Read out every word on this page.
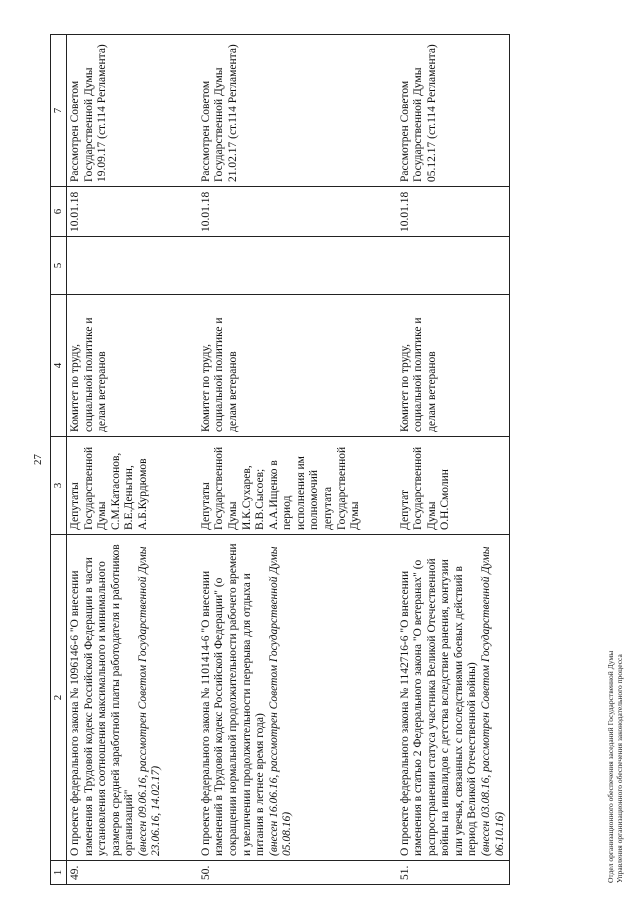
27
1	2	3	4	5	6	7
49.	О проекте федерального закона № 1096146-6 "О внесении изменения в Трудовой кодекс Российской Федерации в части установления соотношения максимального и минимального размеров средней заработной платы работодателя и работников организаций" (внесен 09.06.16, рассмотрен Советом Государственной Думы 23.06.16, 14.02.17)	Депутаты Государственной Думы С.М.Катасонов, В.Е.Деньгин, А.Б.Курдюмов	Комитет по труду, социальной политике и делам ветеранов		10.01.18	Рассмотрен Советом Государственной Думы 19.09.17 (ст.114 Регламента)

50.	О проекте федерального закона № 1101414-6 "О внесении изменений в Трудовой кодекс Российской Федерации" (о сокращении нормальной продолжительности рабочего времени и увеличении продолжительности перерыва для отдыха и питания в летнее время года) (внесен 16.06.16, рассмотрен Советом Государственной Думы 05.08.16)	Депутаты Государственной Думы И.К.Сухарев, В.В.Сысоев; А.А.Ищенко в период исполнения им полномочий депутата Государственной Думы	Комитет по труду, социальной политике и делам ветеранов		10.01.18	Рассмотрен Советом Государственной Думы 21.02.17 (ст.114 Регламента)

51.	О проекте федерального закона № 1142716-6 "О внесении изменения в статью 2 Федерального закона "О ветеранах" (о распространении статуса участника Великой Отечественной войны на инвалидов с детства вследствие ранения, контузии или увечья, связанных с последствиями боевых действий в период Великой Отечественной войны) (внесен 03.08.16, рассмотрен Советом Государственной Думы 06.10.16)	Депутат Государственной Думы О.Н.Смолин	Комитет по труду, социальной политике и делам ветеранов		10.01.18	Рассмотрен Советом Государственной Думы 05.12.17 (ст.114 Регламента)
Отдел организационного обеспечения заседаний Государственной Думы Управления организационного обеспечения законодательного процесса
